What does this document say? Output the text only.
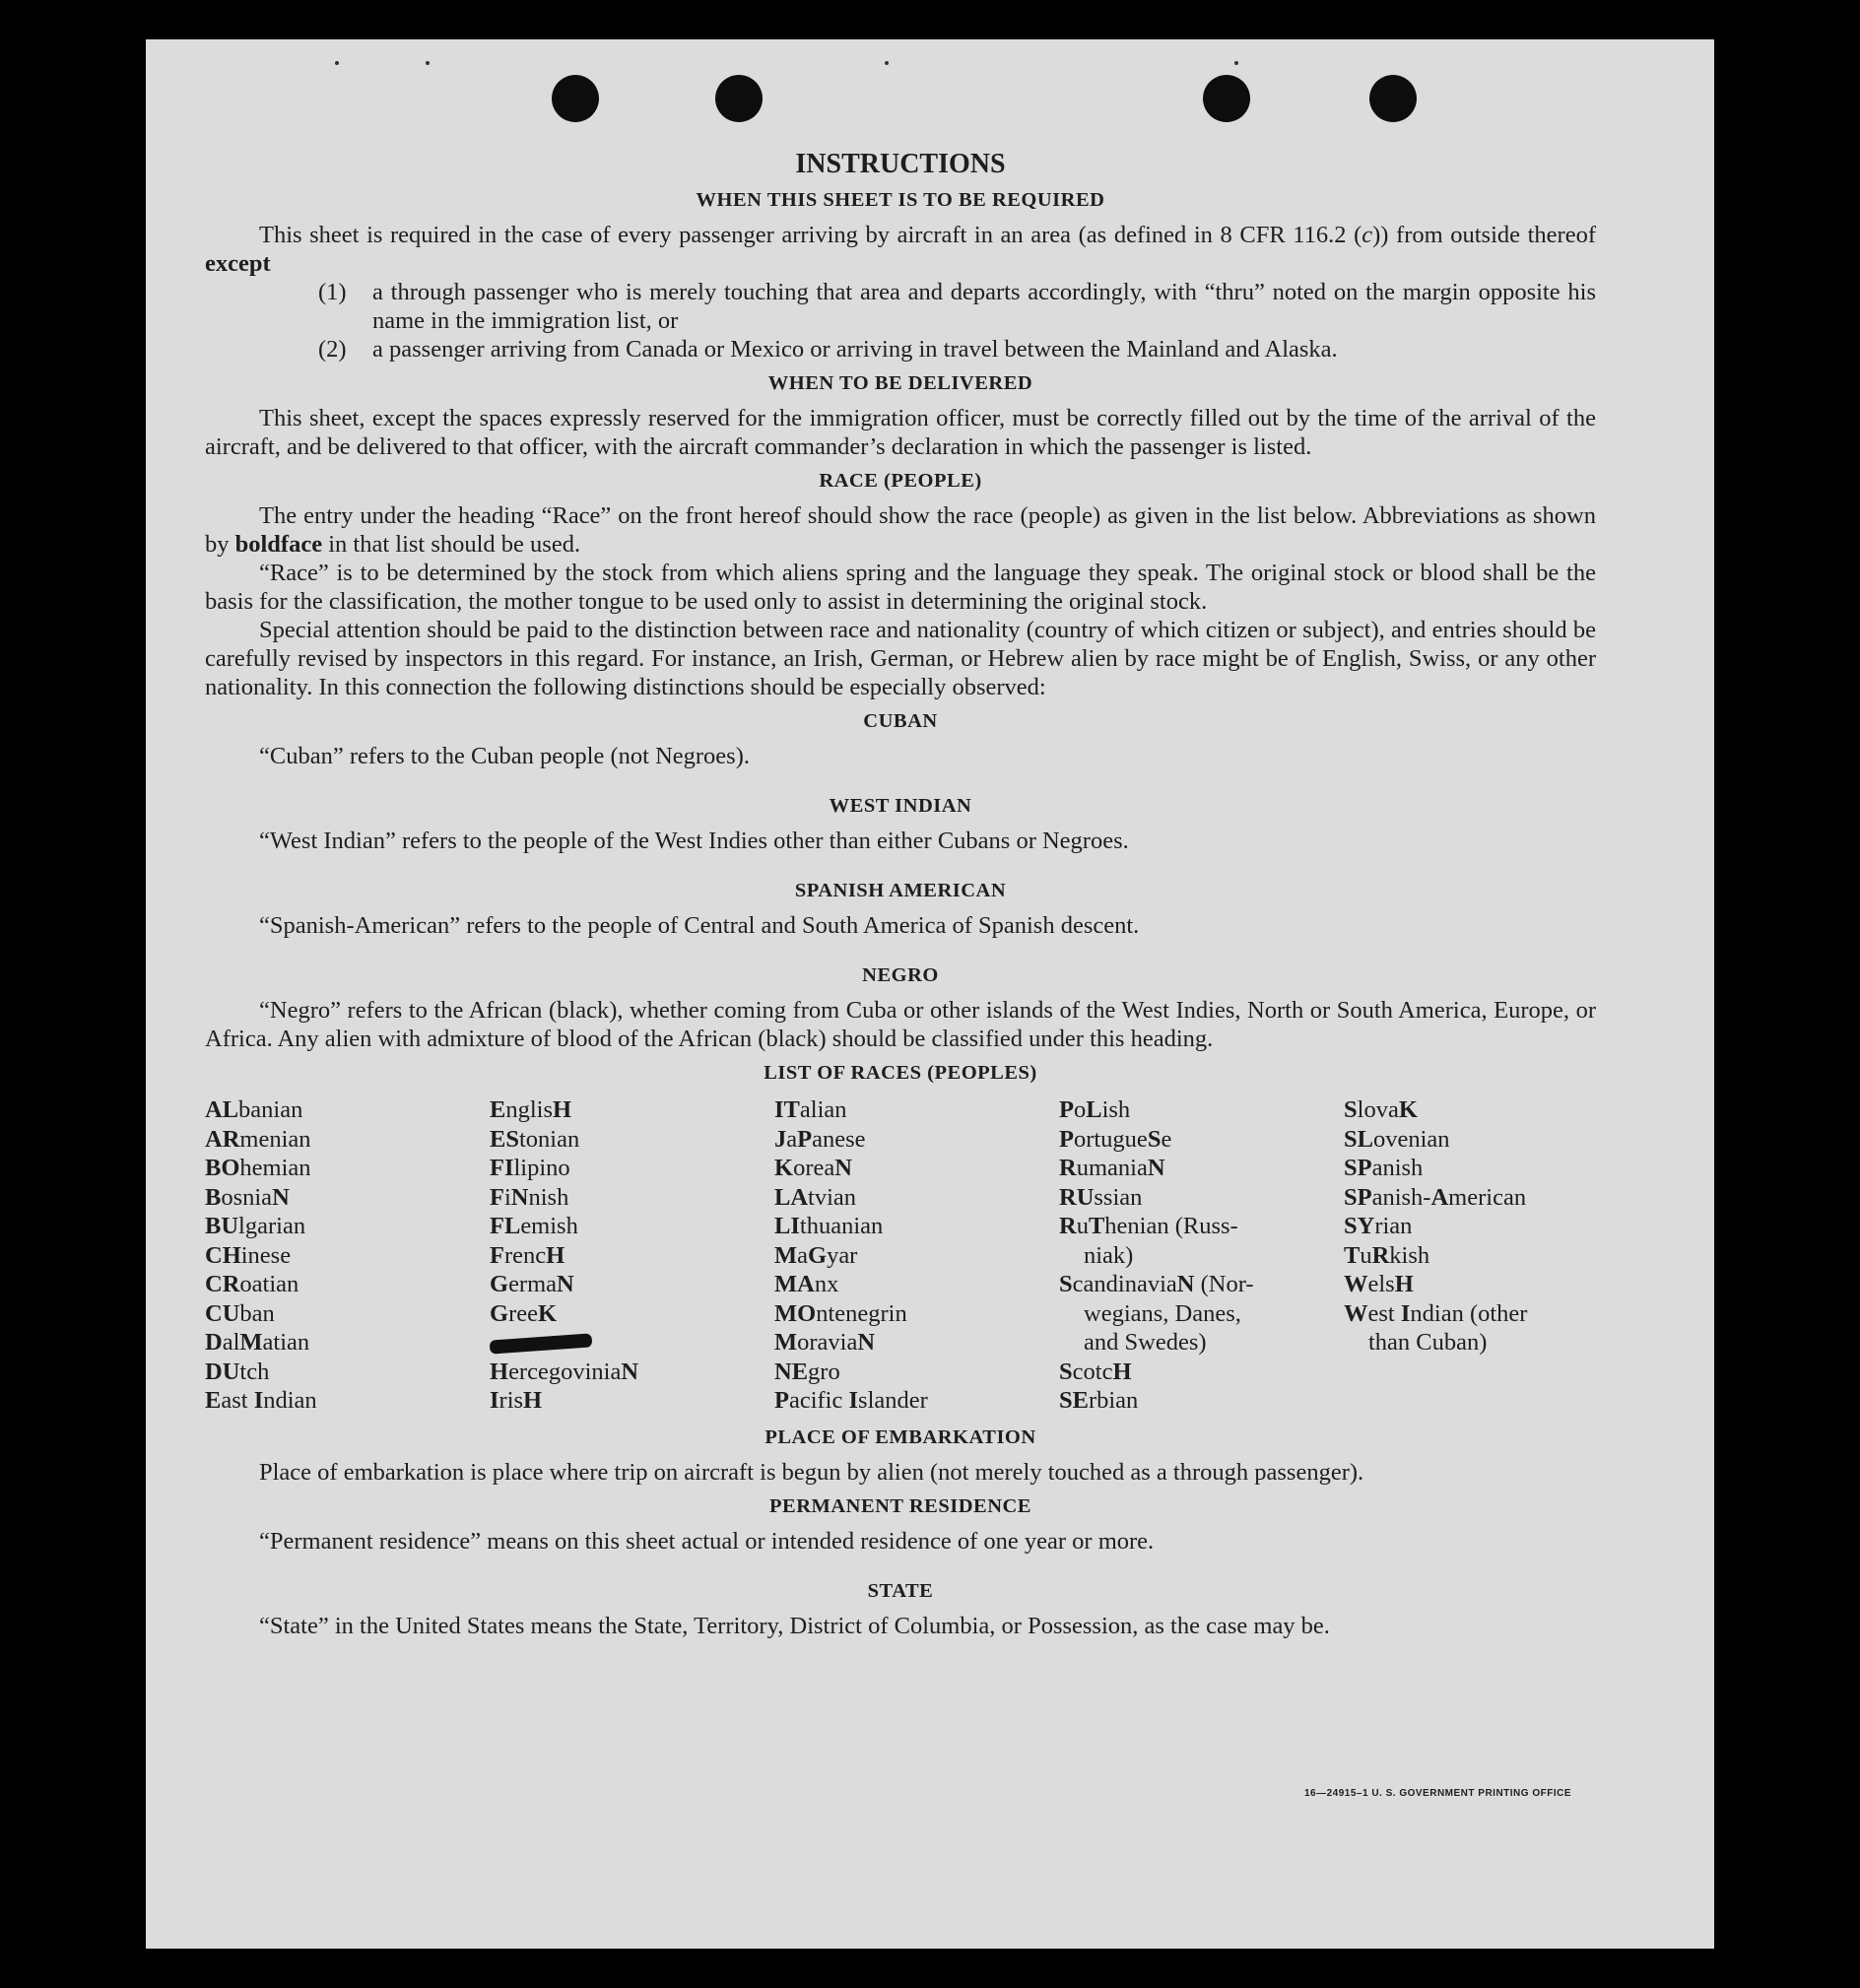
INSTRUCTIONS
WHEN THIS SHEET IS TO BE REQUIRED

This sheet is required in the case of every passenger arriving by aircraft in an area (as defined in 8 CFR 116.2 (c)) from outside thereof except

(1)	a through passenger who is merely touching that area and departs accordingly, with “thru” noted on the margin opposite his name in the immigration list, or
(2)	a passenger arriving from Canada or Mexico or arriving in travel between the Mainland and Alaska.
WHEN TO BE DELIVERED

This sheet, except the spaces expressly reserved for the immigration officer, must be correctly filled out by the time of the arrival of the aircraft, and be delivered to that officer, with the aircraft commander’s declaration in which the passenger is listed.

RACE (PEOPLE)

The entry under the heading “Race” on the front hereof should show the race (people) as given in the list below. Abbreviations as shown by boldface in that list should be used.

“Race” is to be determined by the stock from which aliens spring and the language they speak. The original stock or blood shall be the basis for the classification, the mother tongue to be used only to assist in determining the original stock.

Special attention should be paid to the distinction between race and nationality (country of which citizen or subject), and entries should be carefully revised by inspectors in this regard. For instance, an Irish, German, or Hebrew alien by race might be of English, Swiss, or any other nationality. In this connection the following distinctions should be especially observed:

CUBAN

“Cuban” refers to the Cuban people (not Negroes).

WEST INDIAN

“West Indian” refers to the people of the West Indies other than either Cubans or Negroes.

SPANISH AMERICAN

“Spanish-American” refers to the people of Central and South America of Spanish descent.

NEGRO

“Negro” refers to the African (black), whether coming from Cuba or other islands of the West Indies, North or South America, Europe, or Africa. Any alien with admixture of blood of the African (black) should be classified under this heading.

LIST OF RACES (PEOPLES)
ALbanian
ARmenian
BOhemian
BosniaN
BUlgarian
CHinese
CRoatian
CUban
DalMatian
DUtch
East Indian
EnglisH
EStonian
FIlipino
FiNnish
FLemish
FrencH
GermaN
GreeK
HercegoviniaN
IrisH
ITalian
JaPanese
KoreaN
LAtvian
LIthuanian
MaGyar
MAnx
MOntenegrin
MoraviaN
NEgro
Pacific Islander
PoLish
PortugueSe
RumaniaN
RUssian
RuThenian (Russ-
niak)
ScandinaviaN (Nor-
wegians, Danes,
and Swedes)
ScotcH
SErbian
SlovaK
SLovenian
SPanish
SPanish-American
SYrian
TuRkish
WelsH
West Indian (other
than Cuban)
PLACE OF EMBARKATION

Place of embarkation is place where trip on aircraft is begun by alien (not merely touched as a through passenger).

PERMANENT RESIDENCE

“Permanent residence” means on this sheet actual or intended residence of one year or more.

STATE

“State” in the United States means the State, Territory, District of Columbia, or Possession, as the case may be.

16—24915–1 U. S. GOVERNMENT PRINTING OFFICE
